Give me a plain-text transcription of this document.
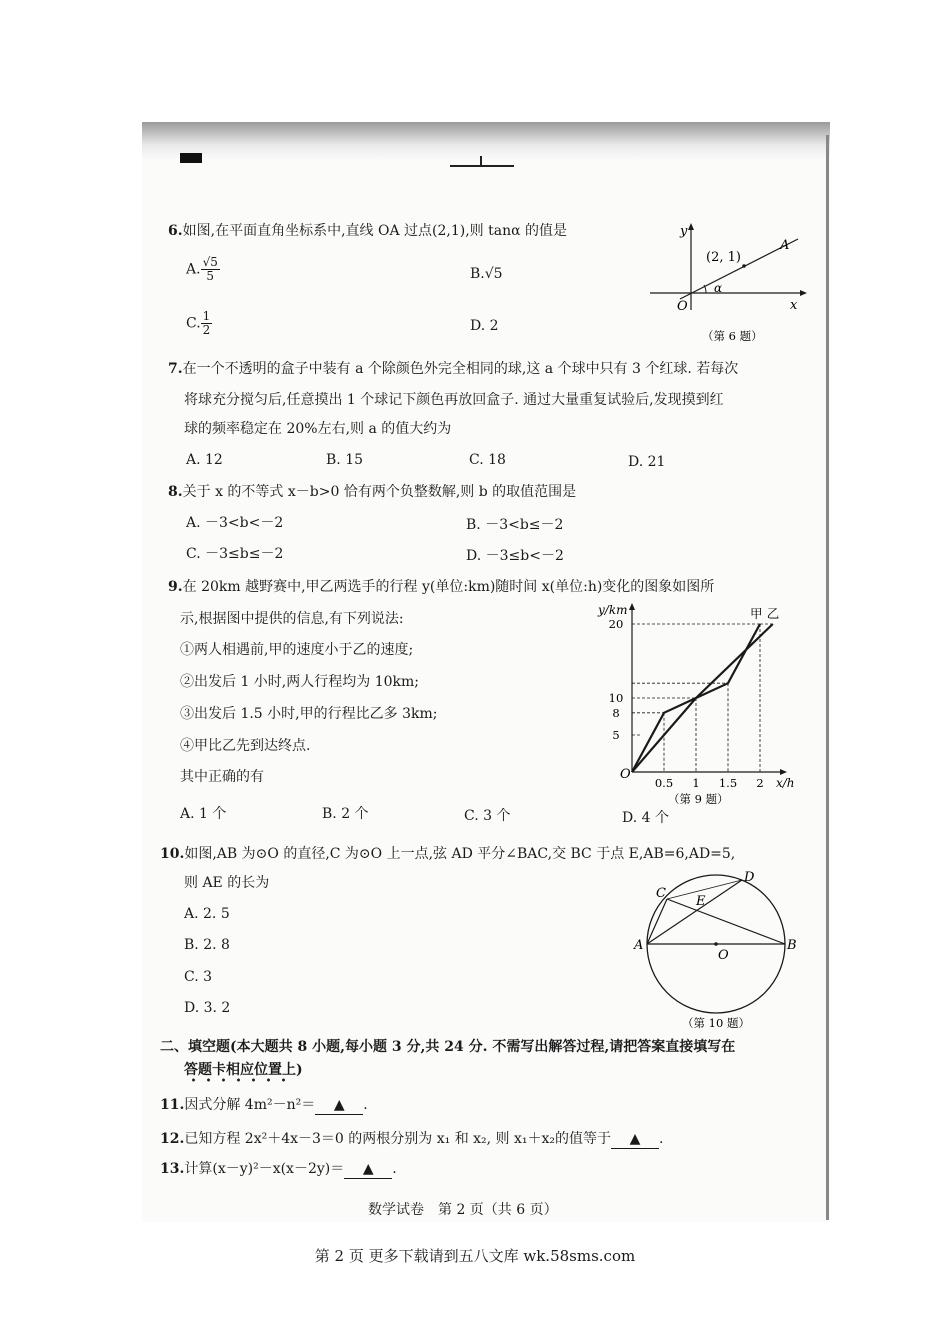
6.如图,在平面直角坐标系中,直线 OA 过点(2,1),则 tanα 的值是
A. $\frac{√5}{5}$	B.√5
C. $\frac{1}{2}$	D. 2
y
x
O
A
(2, 1)
α
（第 6 题）
7.在一个不透明的盒子中装有 a 个除颜色外完全相同的球,这 a 个球中只有 3 个红球. 若每次
将球充分搅匀后,任意摸出 1 个球记下颜色再放回盒子. 通过大量重复试验后,发现摸到红
球的频率稳定在 20%左右,则 a 的值大约为
A. 12	B. 15	C. 18	D. 21
8.关于 x 的不等式 x－b>0 恰有两个负整数解,则 b 的取值范围是
A. －3<b<－2	B. －3<b≤－2
C. －3≤b≤－2	D. －3≤b<－2
9.在 20km 越野赛中,甲乙两选手的行程 y(单位:km)随时间 x(单位:h)变化的图象如图所
示,根据图中提供的信息,有下列说法:
①两人相遇前,甲的速度小于乙的速度;
②出发后 1 小时,两人行程均为 10km;
③出发后 1.5 小时,甲的行程比乙多 3km;
④甲比乙先到达终点.
其中正确的有
A. 1 个	B. 2 个	C. 3 个	D. 4 个
y/km
x/h
O
（第 9 题）
20
10
8
5
0.5 1 1.5 2
甲 乙
10.如图,AB 为⊙O 的直径,C 为⊙O 上一点,弦 AD 平分∠BAC,交 BC 于点 E,AB=6,AD=5,
则 AE 的长为
A. 2. 5
B. 2. 8
C. 3
D. 3. 2
A	B
C
D
E
O
（第 10 题）
二、填空题(本大题共 8 小题,每小题 3 分,共 24 分. 不需写出解答过程,请把答案直接填写在
答题卡相应位置上)
11.因式分解 4m²－n²＝ ▲ .
12.已知方程 2x²＋4x－3＝0 的两根分别为 x₁ 和 x₂, 则 x₁＋x₂的值等于 ▲ .
13.计算(x－y)²－x(x－2y)＝ ▲ .
数学试卷　第 2 页（共 6 页）
第 2 页 更多下载请到五八文库 wk.58sms.com
